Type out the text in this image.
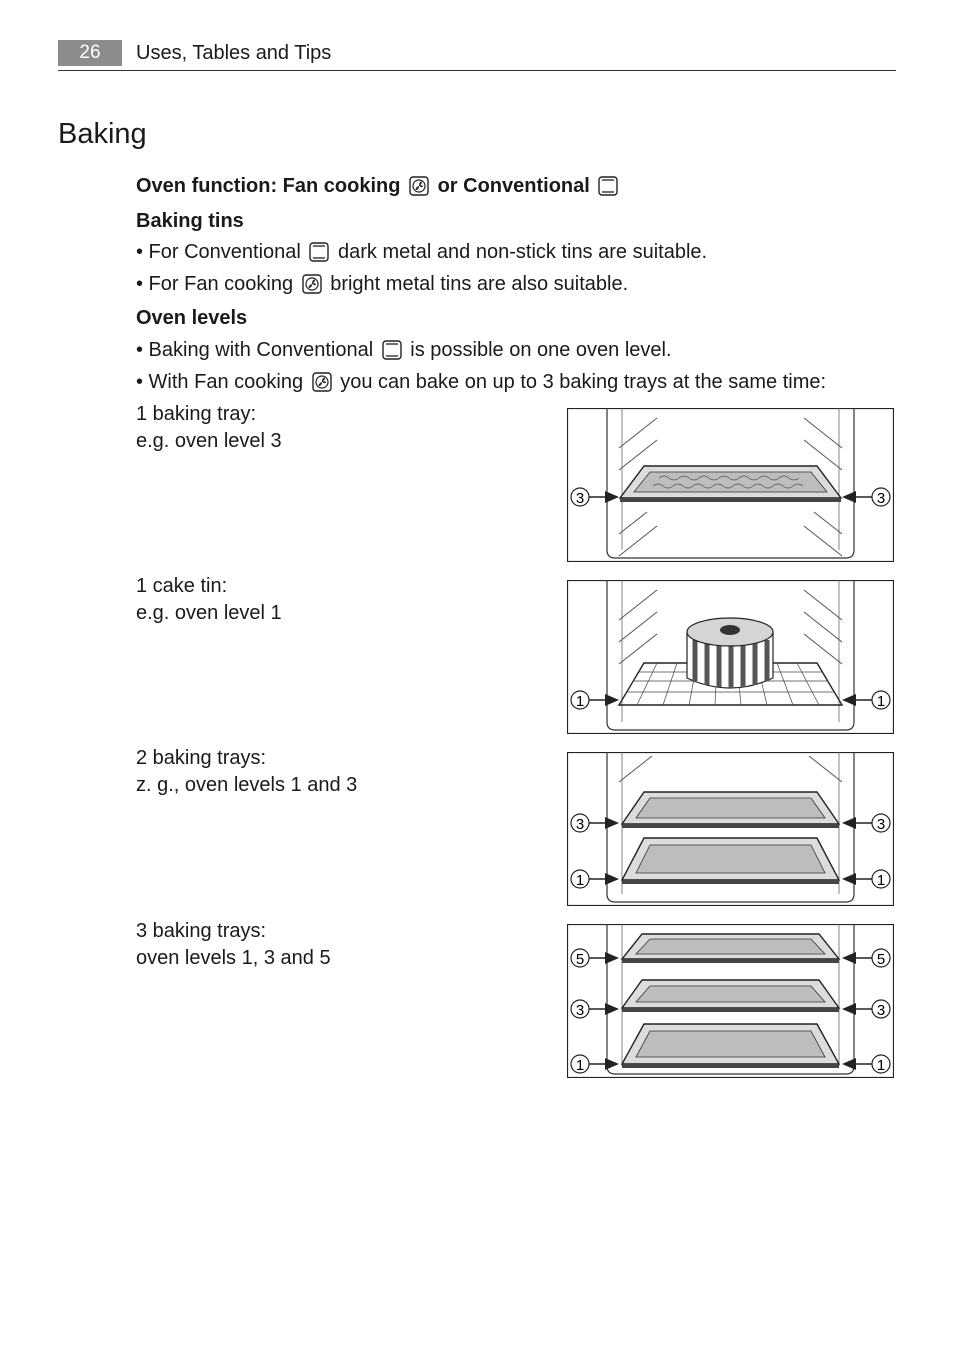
26	Uses, Tables and Tips
Baking
Oven function: Fan cooking or Conventional
Baking tins
• For Conventional dark metal and non-stick tins are suitable.
• For Fan cooking bright metal tins are also suitable.
Oven levels
• Baking with Conventional is possible on one oven level.
• With Fan cooking you can bake on up to 3 baking trays at the same time:
1 baking tray:
e.g. oven level 3
1 cake tin:
e.g. oven level 1
2 baking trays:
z. g., oven levels 1 and 3
3 baking trays:
oven levels 1, 3 and 5
3	3
1	1
3	3
1	1
5	5
3	3
1	1
